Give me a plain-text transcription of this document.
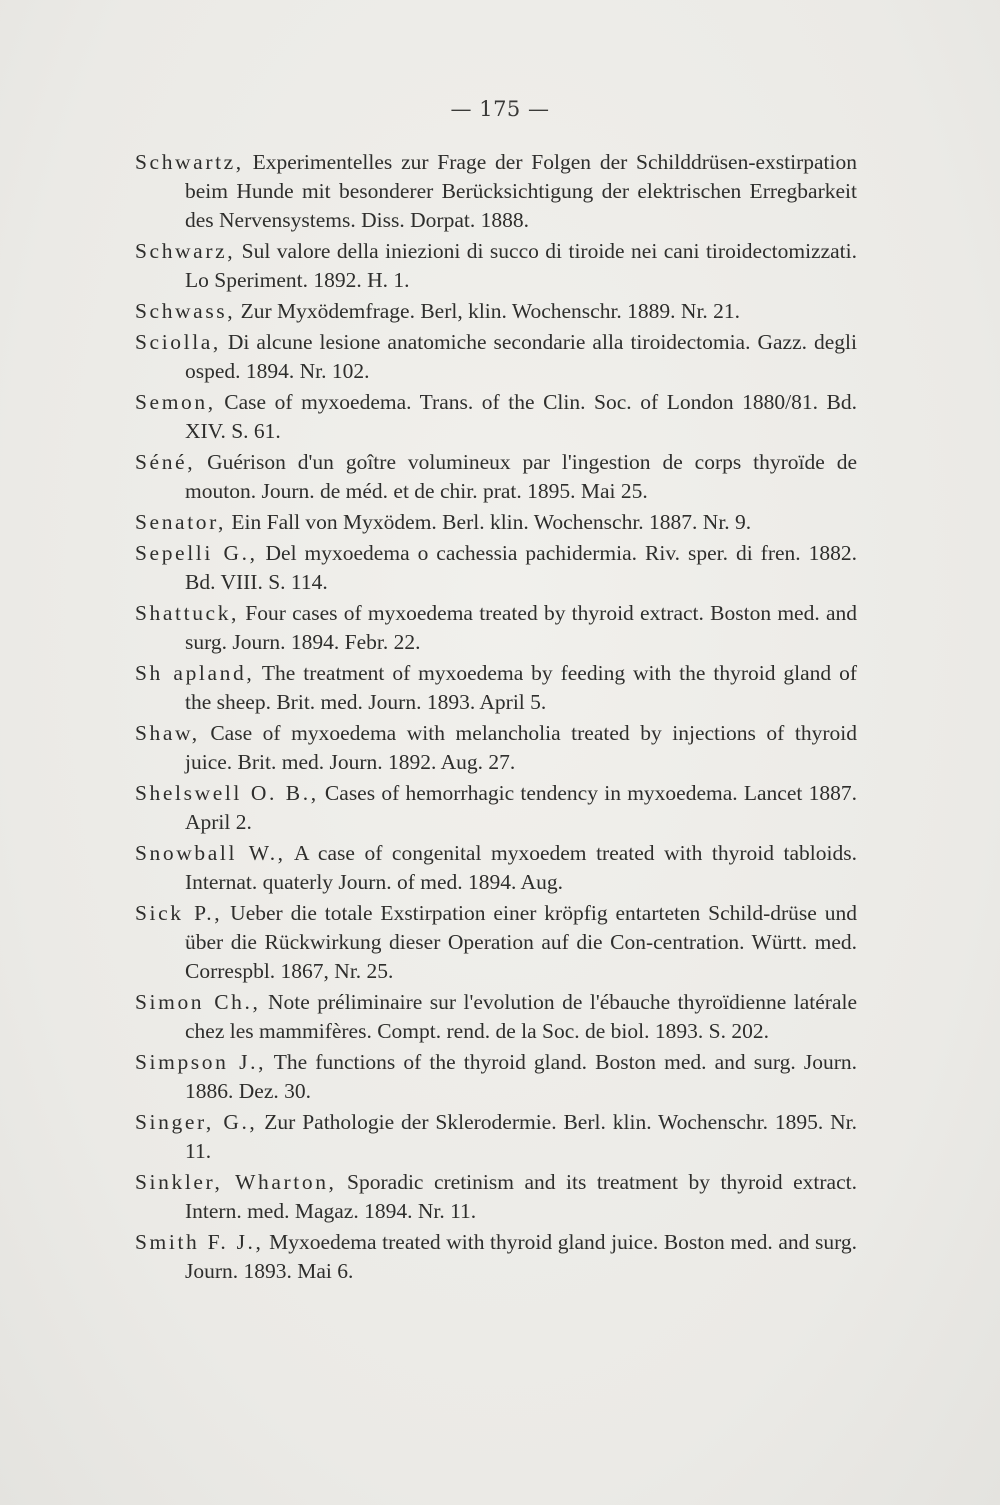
— 175 —

Schwartz, Experimentelles zur Frage der Folgen der Schilddrüsen-exstirpation beim Hunde mit besonderer Berücksichtigung der elektrischen Erregbarkeit des Nervensystems. Diss. Dorpat. 1888.

Schwarz, Sul valore della iniezioni di succo di tiroide nei cani tiroidectomizzati. Lo Speriment. 1892. H. 1.

Schwass, Zur Myxödemfrage. Berl, klin. Wochenschr. 1889. Nr. 21.

Sciolla, Di alcune lesione anatomiche secondarie alla tiroidectomia. Gazz. degli osped. 1894. Nr. 102.

Semon, Case of myxoedema. Trans. of the Clin. Soc. of London 1880/81. Bd. XIV. S. 61.

Séné, Guérison d'un goître volumineux par l'ingestion de corps thyroïde de mouton. Journ. de méd. et de chir. prat. 1895. Mai 25.

Senator, Ein Fall von Myxödem. Berl. klin. Wochenschr. 1887. Nr. 9.

Sepelli G., Del myxoedema o cachessia pachidermia. Riv. sper. di fren. 1882. Bd. VIII. S. 114.

Shattuck, Four cases of myxoedema treated by thyroid extract. Boston med. and surg. Journ. 1894. Febr. 22.

Sh apland, The treatment of myxoedema by feeding with the thyroid gland of the sheep. Brit. med. Journ. 1893. April 5.

Shaw, Case of myxoedema with melancholia treated by injections of thyroid juice. Brit. med. Journ. 1892. Aug. 27.

Shelswell O. B., Cases of hemorrhagic tendency in myxoedema. Lancet 1887. April 2.

Snowball W., A case of congenital myxoedem treated with thyroid tabloids. Internat. quaterly Journ. of med. 1894. Aug.

Sick P., Ueber die totale Exstirpation einer kröpfig entarteten Schild-drüse und über die Rückwirkung dieser Operation auf die Con-centration. Württ. med. Correspbl. 1867, Nr. 25.

Simon Ch., Note préliminaire sur l'evolution de l'ébauche thyroïdienne latérale chez les mammifères. Compt. rend. de la Soc. de biol. 1893. S. 202.

Simpson J., The functions of the thyroid gland. Boston med. and surg. Journ. 1886. Dez. 30.

Singer, G., Zur Pathologie der Sklerodermie. Berl. klin. Wochenschr. 1895. Nr. 11.

Sinkler, Wharton, Sporadic cretinism and its treatment by thyroid extract. Intern. med. Magaz. 1894. Nr. 11.

Smith F. J., Myxoedema treated with thyroid gland juice. Boston med. and surg. Journ. 1893. Mai 6.
